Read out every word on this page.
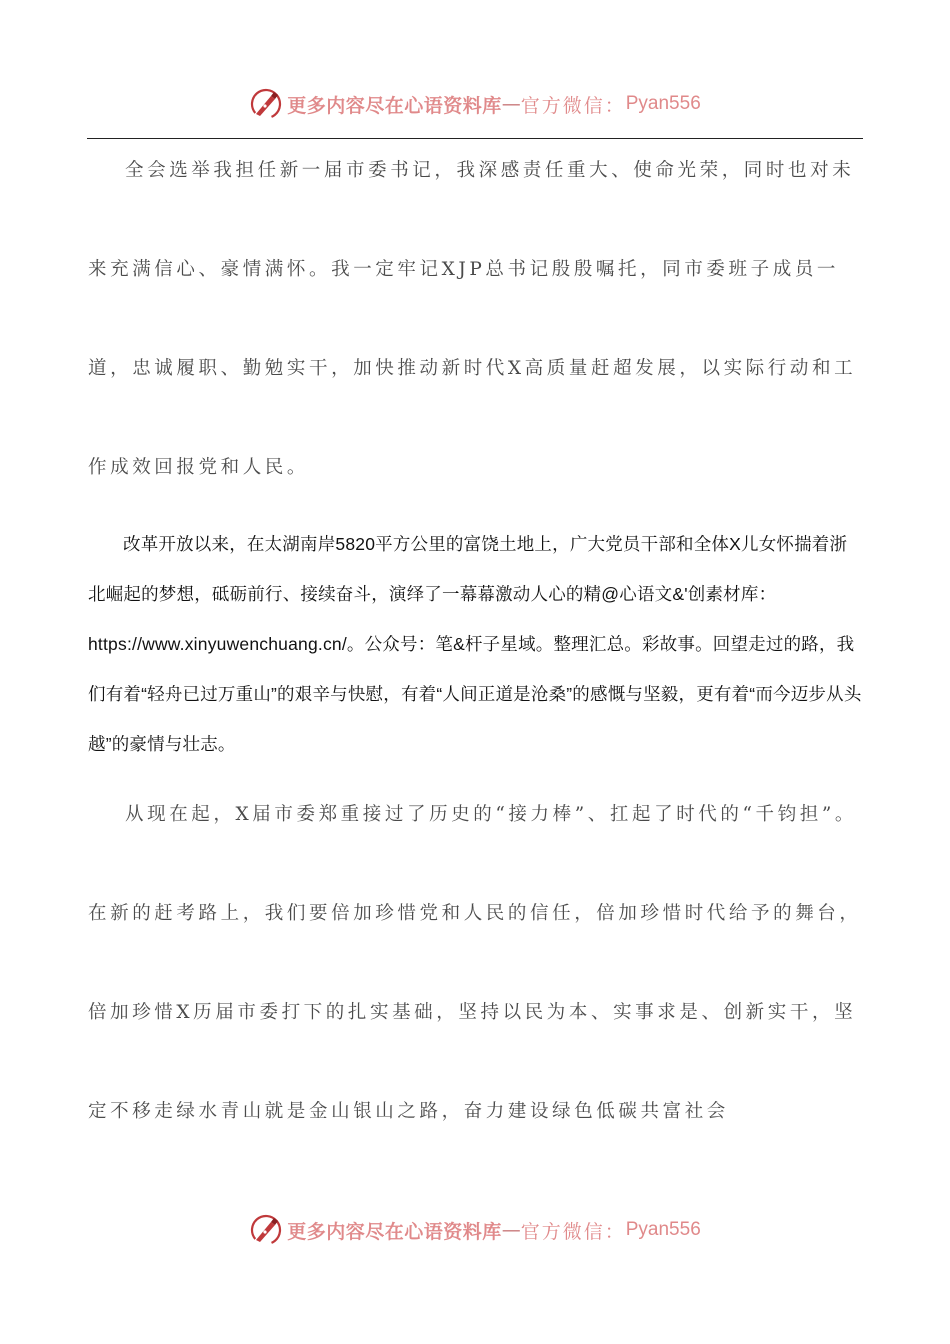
更多内容尽在心语资料库 — 官方微信： Pyan556

全会选举我担任新一届市委书记，我深感责任重大、使命光荣，同时也对未来充满信心、豪情满怀。我一定牢记XJP总书记殷殷嘱托，同市委班子成员一道，忠诚履职、勤勉实干，加快推动新时代X高质量赶超发展，以实际行动和工作成效回报党和人民。

改革开放以来，在太湖南岸5820平方公里的富饶土地上，广大党员干部和全体X儿女怀揣着浙北崛起的梦想，砥砺前行、接续奋斗，演绎了一幕幕激动人心的精@心语文&'创素材库：https://www.xinyuwenchuang.cn/。公众号：笔&杆子星域。整理汇总。彩故事。回望走过的路，我们有着“轻舟已过万重山”的艰辛与快慰，有着“人间正道是沧桑”的感慨与坚毅，更有着“而今迈步从头越”的豪情与壮志。

从现在起，X届市委郑重接过了历史的“接力棒”、扛起了时代的“千钧担”。在新的赶考路上，我们要倍加珍惜党和人民的信任，倍加珍惜时代给予的舞台，倍加珍惜X历届市委打下的扎实基础，坚持以民为本、实事求是、创新实干，坚定不移走绿水青山就是金山银山之路，奋力建设绿色低碳共富社会

更多内容尽在心语资料库 — 官方微信： Pyan556
